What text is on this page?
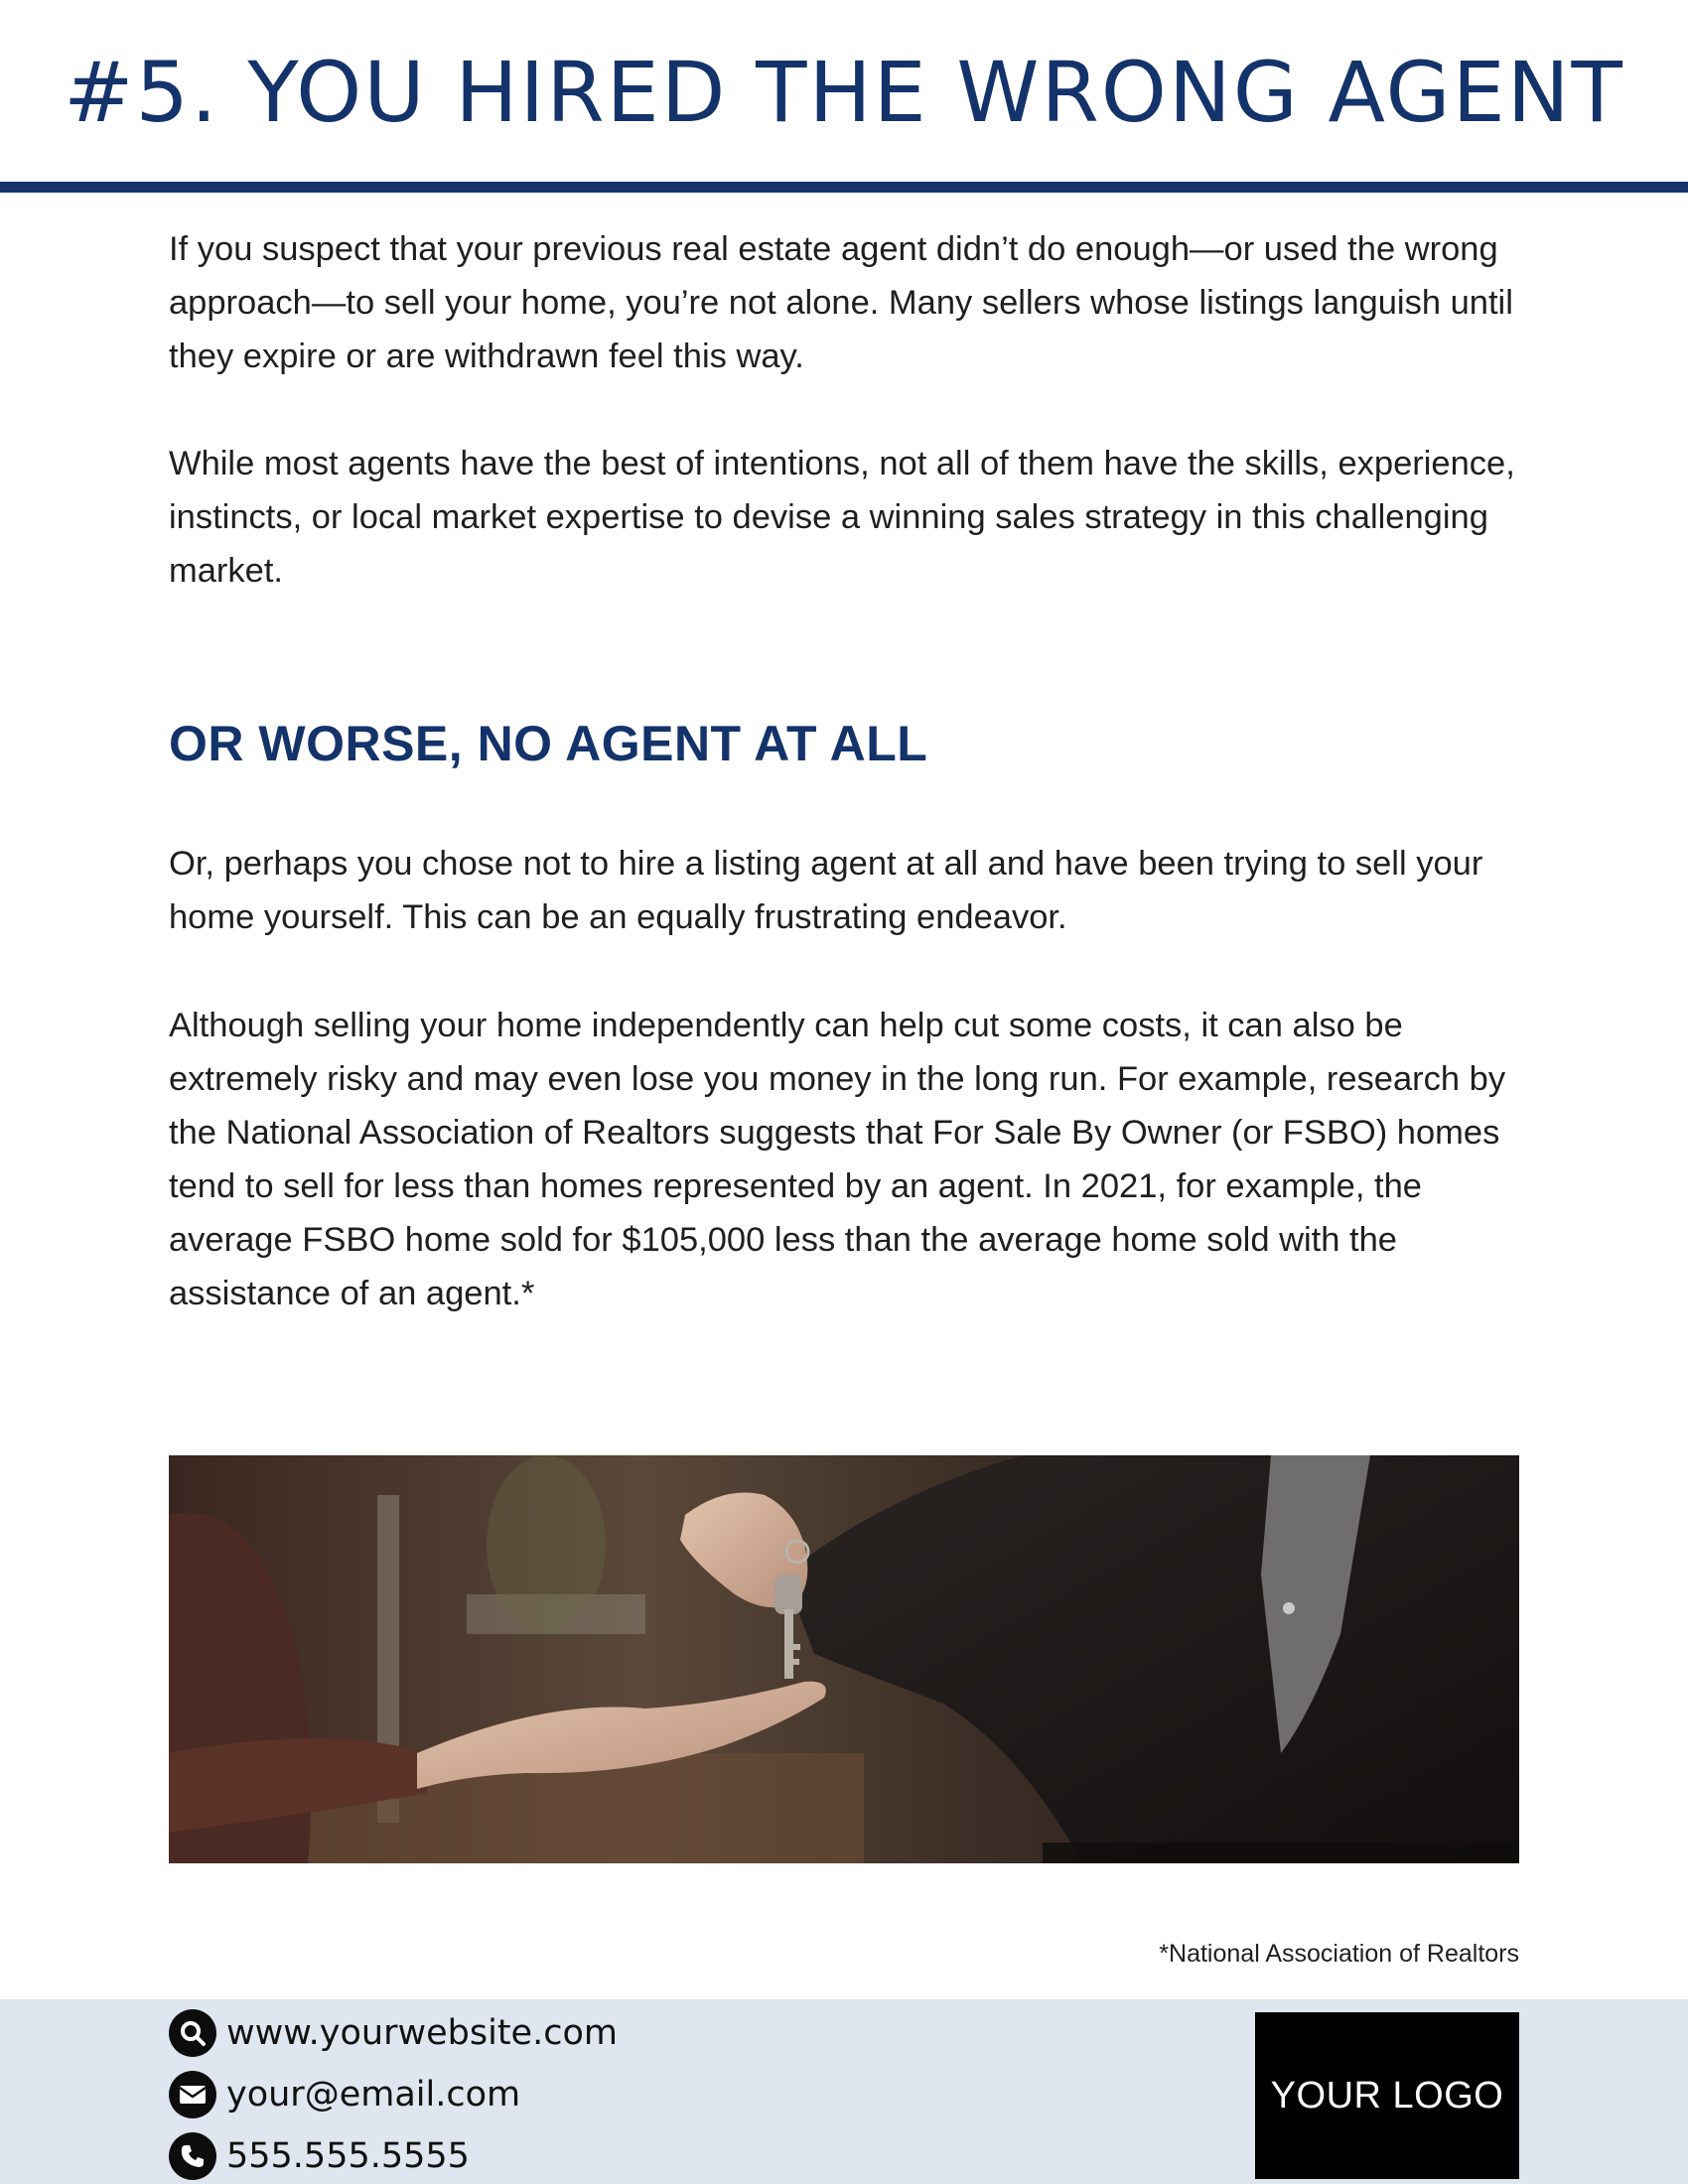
#5. YOU HIRED THE WRONG AGENT

If you suspect that your previous real estate agent didn’t do enough—or used the wrong approach—to sell your home, you’re not alone. Many sellers whose listings languish until they expire or are withdrawn feel this way.

While most agents have the best of intentions, not all of them have the skills, experience, instincts, or local market expertise to devise a winning sales strategy in this challenging market.

OR WORSE, NO AGENT AT ALL

Or, perhaps you chose not to hire a listing agent at all and have been trying to sell your home yourself. This can be an equally frustrating endeavor.

Although selling your home independently can help cut some costs, it can also be extremely risky and may even lose you money in the long run. For example, research by the National Association of Realtors suggests that For Sale By Owner (or FSBO) homes tend to sell for less than homes represented by an agent. In 2021, for example, the average FSBO home sold for $105,000 less than the average home sold with the assistance of an agent.*

*National Association of Realtors
www.yourwebsite.com
your@email.com
555.555.5555
YOUR LOGO
